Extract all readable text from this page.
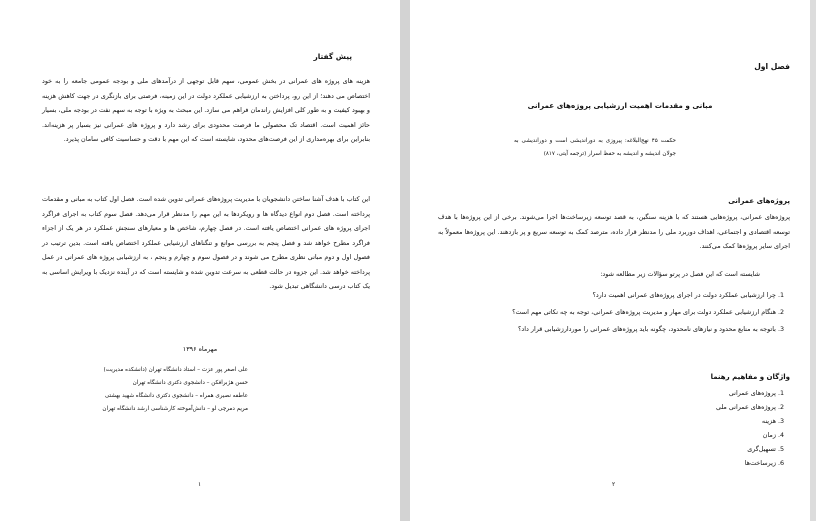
پیش گفتار
هزینه های پروژه های عمرانی در بخش عمومی، سهم قابل توجهی از درآمدهای ملی و بودجه عمومی جامعه را به خود اختصاص می دهند؛ از این رو، پرداختن به ارزشیابی عملکرد دولت در این زمینه، فرصتی برای بازنگری در جهت کاهش هزینه و بهبود کیفیت و به طور کلی افزایش راندمان فراهم می سازد. این مبحث به ویژه با توجه به سهم نفت در بودجه ملی، بسیار حائز اهمیت است. اقتصاد تک محصولی ما فرصت محدودی برای رشد دارد و پروژه های عمرانی نیز بسیار پر هزینه‌اند. بنابراین برای بهره‌مداری از این فرصت‌های محدود، شایسته است که این مهم با دقت و حساسیت کافی سامان پذیرد.
این کتاب با هدف آشنا ساختن دانشجویان با مدیریت پروژه‌های عمرانی تدوین شده است. فصل اول کتاب به مبانی و مقدمات پرداخته است. فصل دوم انواع دیدگاه ها و رویکردها به این مهم را مدنظر قرار می‌دهد. فصل سوم کتاب به اجرای فراگرد اجرای پروژه های عمرانی اختصاص یافته است. در فصل چهارم، شاخص ها و معیارهای سنجش عملکرد در هر یک از اجزاء فراگرد مطرح خواهد شد و فصل پنجم به بررسی موانع و تنگناهای ارزشیابی عملکرد اختصاص یافته است. بدین ترتیب در فصول اول و دوم مبانی نظری مطرح می شوند و در فصول سوم و چهارم و پنجم ، به ارزشیابی پروژه های عمرانی در عمل پرداخته خواهد شد. این جزوه در حالت قطعی به سرعت تدوین شده و شایسته است که در آینده نزدیک با ویرایش اساسی به یک کتاب درسی دانشگاهی تبدیل شود.
مهرماه ۱۳۹۶
علی اصغر پور عزت – استاد دانشگاه تهران (دانشکده مدیریت)
حسن هژبرافکن – دانشجوی دکتری دانشگاه تهران
عاطفه نصیری همراه – دانشجوی دکتری دانشگاه شهید بهشتی
مریم دمرچی لو – دانش‌آموخته کارشناسی ارشد دانشگاه تهران
۱
فصل اول
مبانی و مقدمات اهمیت ارزشیابی پروژه‌های عمرانی
حکمت ۴۵ نهج‌البلاغه: پیروزی به دوراندیشی است و دوراندیشی به جولان اندیشه و اندیشه به حفظ اسرار (ترجمه آیتی، ۸۱۷)
پروژه‌های عمرانی
پروژه‌های عمرانی، پروژه‌هایی هستند که با هزینه سنگین، به قصد توسعه زیرساخت‌ها اجرا می‌شوند. برخی از این پروژه‌ها با هدف توسعه اقتصادی و اجتماعی، اهداف دوربرد ملی را مدنظر قرار داده، مترصد کمک به توسعه سریع و پر بازدهند. این پروژه‌ها معمولاً به اجرای سایر پروژه‌ها کمک می‌کنند.
شایسته است که این فصل در پرتو سؤالات زیر مطالعه شود:
1. چرا ارزشیابی عملکرد دولت در اجرای پروژه‌های عمرانی اهمیت دارد؟
2. هنگام ارزشیابی عملکرد دولت برای مهار و مدیریت پروژه‌های عمرانی، توجه به چه نکاتی مهم است؟
3. باتوجه به منابع محدود و نیازهای نامحدود، چگونه باید پروژه‌های عمرانی را موردارزشیابی قرار داد؟
واژگان و مفاهیم رهنما
1. پروژه‌های عمرانی
2. پروژه‌های عمرانی ملی
3. هزینه
4. زمان
5. تسهیل‌گری
6. زیرساخت‌ها
۲
